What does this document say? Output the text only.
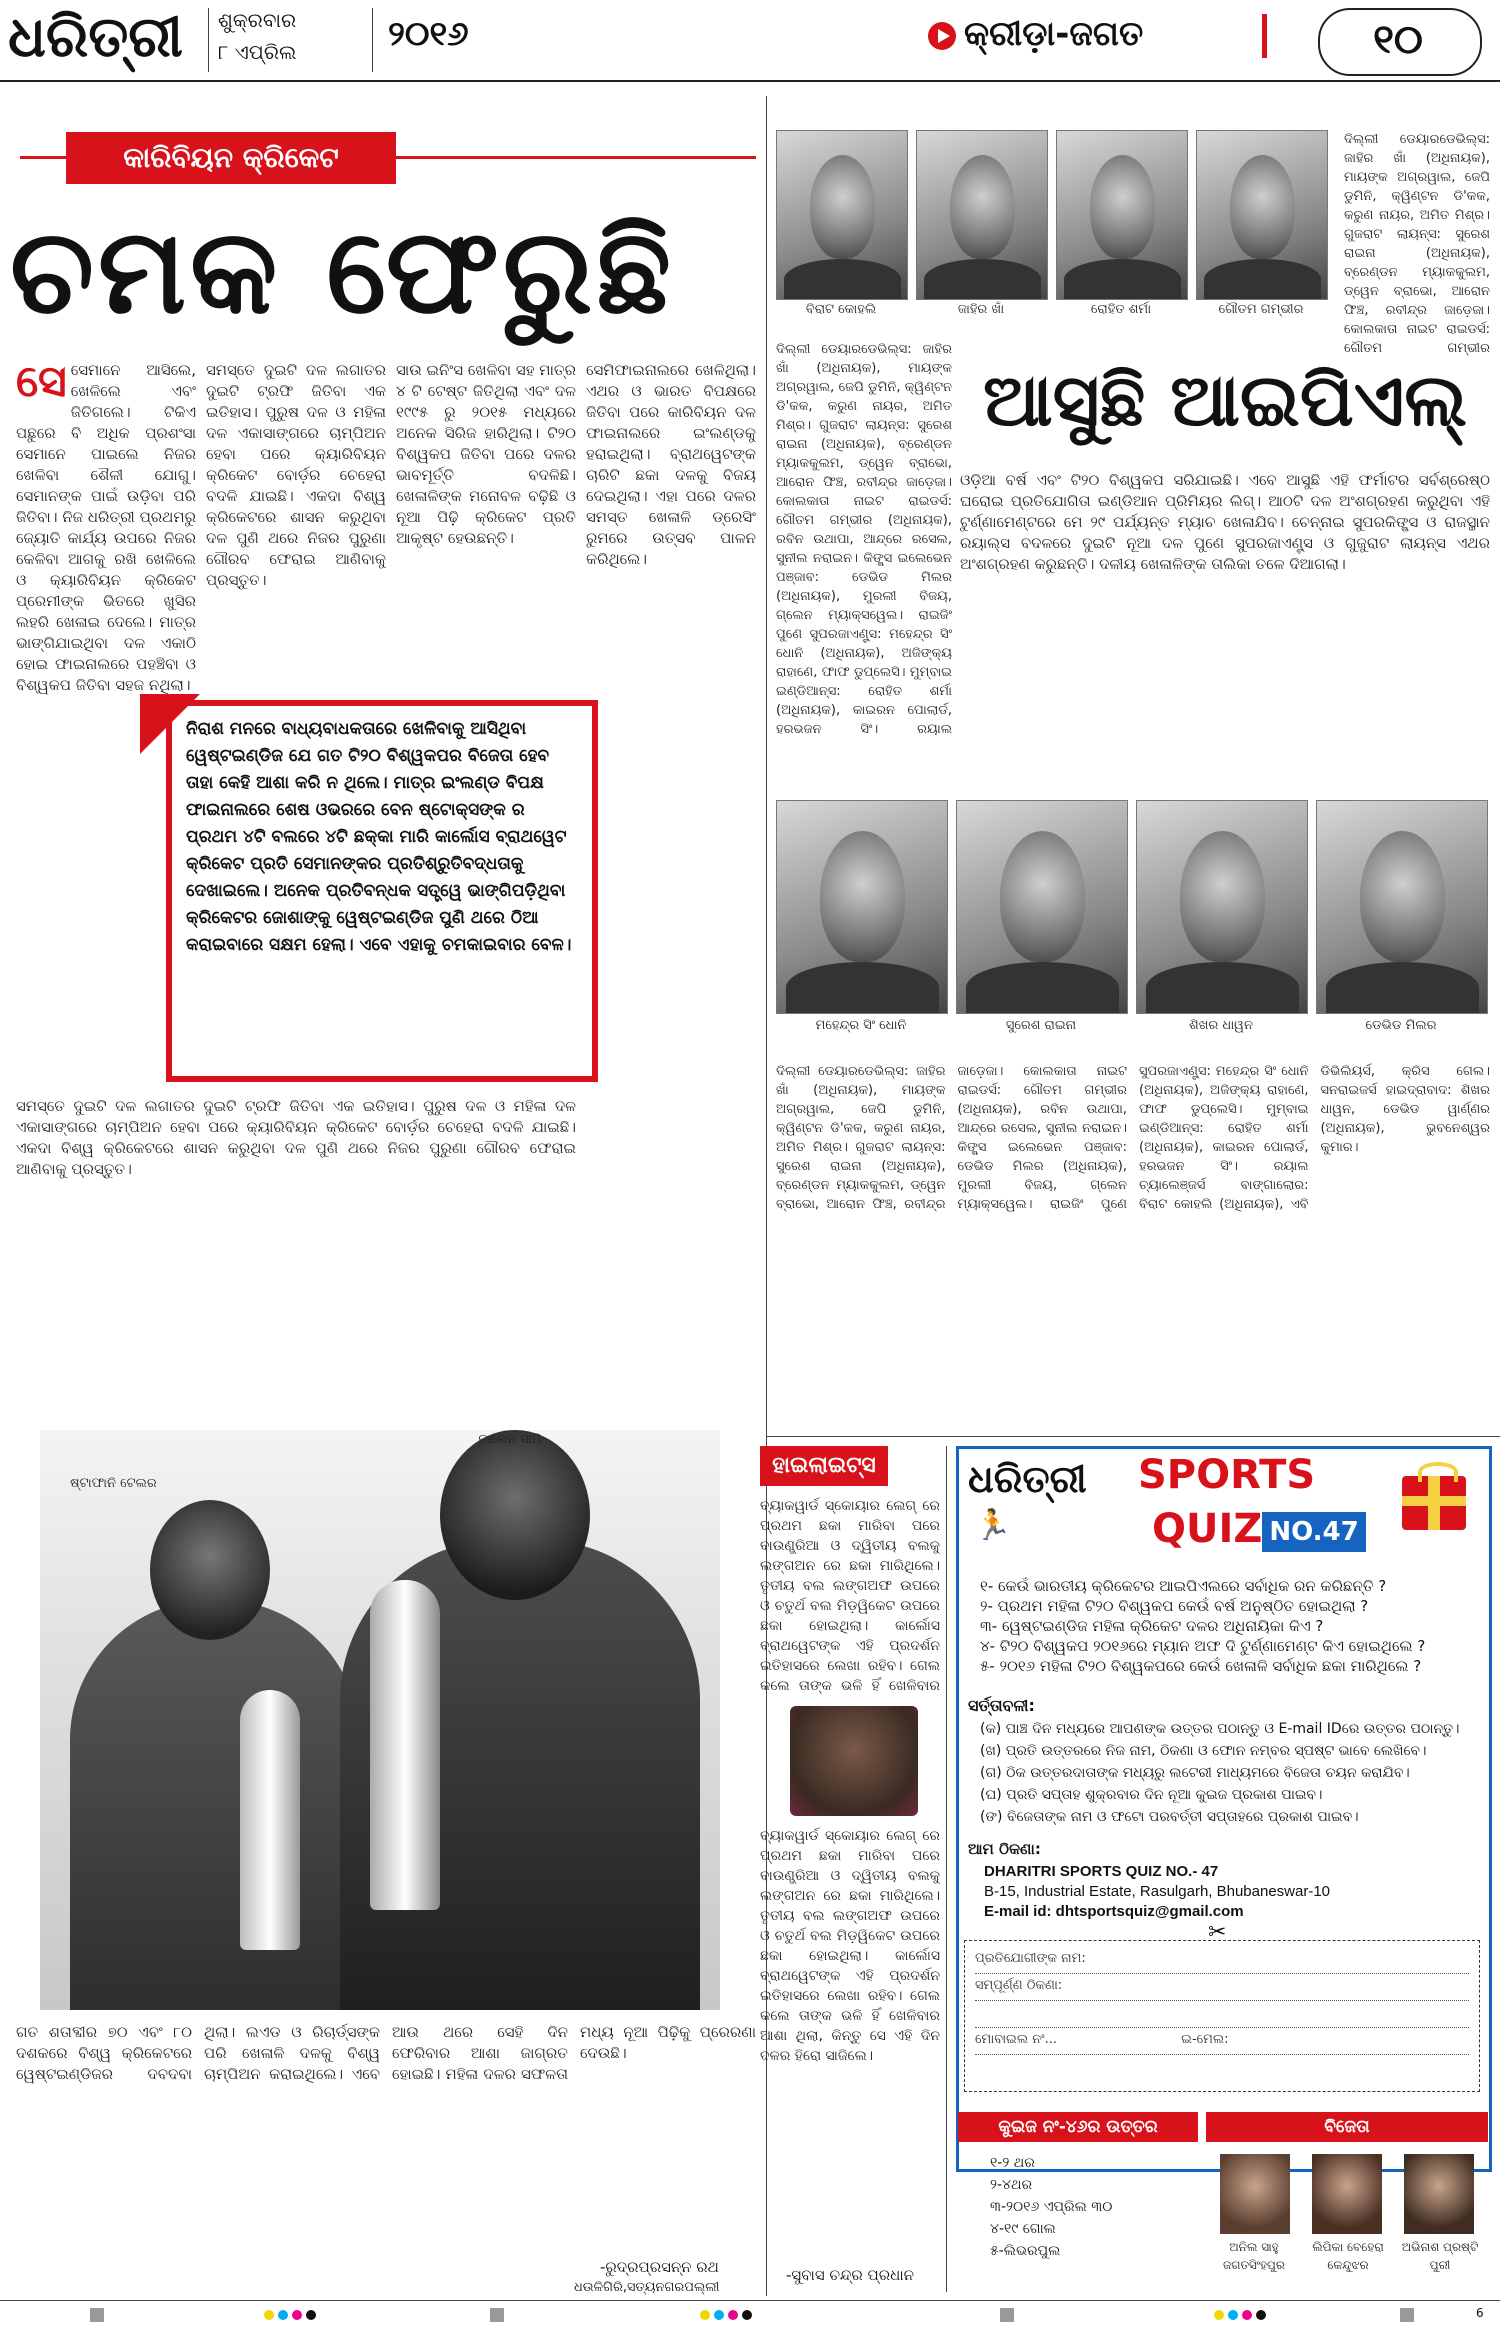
ଧରିତ୍ରୀ ଶୁକ୍ରବାର
୮ ଏପ୍ରିଲ	୨୦୧୬	କ୍ରୀଡ଼ା-ଜଗତ	୧୦
କାରିବିୟନ କ୍ରିକେଟ
ଚମକ ଫେରୁଛି
ସେ ସେମାନେ ଆସିଲେ, ଖେଳିଲେ ଏବଂ ଜିତିଗଲେ। ଟିକିଏ ପଛୁରେ ବି ଅଧିକ ପ୍ରଶଂସା ସେମାନେ ପାଇଲେ ନିଜର ଖେଳିବା ଶୈଳୀ ଯୋଗୁ। ସେମାନଙ୍କ ପାଇଁ ଉଡ଼ିବା ପରି ଜିତିବା। ନିଜ ଧରିତ୍ରୀ ପ୍ରଥମରୁ ଜ୍ୟୋତି କାର୍ଯ୍ୟ ଉପରେ ନିଜର କେଳିବା ଆଗକୁ ରଖି ଖେଳିଲେ ଓ କ୍ୟାରିବିୟନ କ୍ରିକେଟ ପ୍ରେମୀଙ୍କ ଭିତରେ ଖୁସିର ଲହରି ଖେଳାଇ ଦେଲେ। ମାତ୍ର ଭାଙ୍ଗିଯାଇଥିବା ଦଳ ଏକାଠି ହୋଇ ଫାଇନାଲରେ ପହଞ୍ଚିବା ଓ ବିଶ୍ୱକପ ଜିତିବା ସହଜ ନଥିଲା।
ସମସ୍ତେ ଦୁଇଟି ଦଳ ଲଗାତର ଦୁଇଟି ଟ୍ରଫି ଜିତିବା ଏକ ଇତିହାସ। ପୁରୁଷ ଦଳ ଓ ମହିଳା ଦଳ ଏକାସାଙ୍ଗରେ ଚାମ୍ପିଅନ ହେବା ପରେ କ୍ୟାରିବିୟନ କ୍ରିକେଟ ବୋର୍ଡ଼ର ଚେହେରା ବଦଳି ଯାଇଛି। ଏକଦା ବିଶ୍ୱ କ୍ରିକେଟରେ ଶାସନ କରୁଥିବା ଦଳ ପୁଣି ଥରେ ନିଜର ପୁରୁଣା ଗୌରବ ଫେରାଇ ଆଣିବାକୁ ପ୍ରସ୍ତୁତ।
ସାଉ ଇନିଂସ ଖେଳିବା ସହ ମାତ୍ର ୪ ଟି ଟେଷ୍ଟ ଜିତିଥିଲା ଏବଂ ଦଳ ୧୯୯୫ ରୁ ୨୦୧୫ ମଧ୍ୟରେ ଅନେକ ସିରିଜ ହାରିଥିଲା। ଟି୨୦ ବିଶ୍ୱକପ ଜିତିବା ପରେ ଦଳର ଭାବମୂର୍ତ୍ତି ବଦଳିଛି। ଖେଳାଳିଙ୍କ ମନୋବଳ ବଢ଼ିଛି ଓ ନୂଆ ପିଢ଼ି କ୍ରିକେଟ ପ୍ରତି ଆକୃଷ୍ଟ ହେଉଛନ୍ତି।
ସେମିଫାଇନାଲରେ ଖେଳିଥିଲା। ଏଥର ଓ ଭାରତ ବିପକ୍ଷରେ ଜିତିବା ପରେ କାରିବିୟନ ଦଳ ଫାଇନାଲରେ ଇଂଲଣ୍ଡକୁ ହରାଇଥିଲା। ବ୍ରାଥୱେଟଙ୍କ ଚାରିଟି ଛକା ଦଳକୁ ବିଜୟ ଦେଇଥିଲା। ଏହା ପରେ ଦଳର ସମସ୍ତ ଖେଳାଳି ଡ୍ରେସିଂ ରୁମରେ ଉତ୍ସବ ପାଳନ କରିଥିଲେ।
ନିରାଶ ମନରେ ବାଧ୍ୟବାଧକତାରେ ଖେଳିବାକୁ ଆସିଥିବା ୱେଷ୍ଟଇଣ୍ଡିଜ ଯେ ଗତ ଟି୨୦ ବିଶ୍ୱକପର ବିଜେତା ହେବ ତାହା କେହି ଆଶା କରି ନ ଥିଲେ। ମାତ୍ର ଇଂଲଣ୍ଡ ବିପକ୍ଷ ଫାଇନାଲରେ ଶେଷ ଓଭରରେ ବେନ ଷ୍ଟୋକ୍ସଙ୍କ ର ପ୍ରଥମ ୪ଟି ବଲରେ ୪ଟି ଛକ୍କା ମାରି କାର୍ଲୋସ ବ୍ରାଥୱେଟ କ୍ରିକେଟ ପ୍ରତି ସେମାନଙ୍କର ପ୍ରତିଶ୍ରୁତିବଦ୍ଧତାକୁ ଦେଖାଇଲେ। ଅନେକ ପ୍ରତିବନ୍ଧକ ସତ୍ତ୍ୱେ ଭାଙ୍ଗିପଡ଼ିଥିବା କ୍ରିକେଟର ଜୋଶାଙ୍କୁ ୱେଷ୍ଟଇଣ୍ଡିଜ ପୁଣି ଥରେ ଠିଆ କରାଇବାରେ ସକ୍ଷମ ହେଲା। ଏବେ ଏହାକୁ ଚମକାଇବାର ବେଳ।
ସମସ୍ତେ ଦୁଇଟି ଦଳ ଲଗାତର ଦୁଇଟି ଟ୍ରଫି ଜିତିବା ଏକ ଇତିହାସ। ପୁରୁଷ ଦଳ ଓ ମହିଳା ଦଳ ଏକାସାଙ୍ଗରେ ଚାମ୍ପିଅନ ହେବା ପରେ କ୍ୟାରିବିୟନ କ୍ରିକେଟ ବୋର୍ଡ଼ର ଚେହେରା ବଦଳି ଯାଇଛି। ଏକଦା ବିଶ୍ୱ କ୍ରିକେଟରେ ଶାସନ କରୁଥିବା ଦଳ ପୁଣି ଥରେ ନିଜର ପୁରୁଣା ଗୌରବ ଫେରାଇ ଆଣିବାକୁ ପ୍ରସ୍ତୁତ।
ଷ୍ଟାଫାନି ଟେଲର
ଡାରେନ ସାମି
ଗତ ଶତାବ୍ଦୀର ୭୦ ଏବଂ ୮୦ ଦଶକରେ ବିଶ୍ୱ କ୍ରିକେଟରେ ୱେଷ୍ଟଇଣ୍ଡିଜର ଦବଦବା ଥିଲା। ଲଏଡ ଓ ରିଚାର୍ଡ୍ସଙ୍କ ପରି ଖେଳାଳି ଦଳକୁ ବିଶ୍ୱ ଚାମ୍ପିଅନ କରାଇଥିଲେ। ଏବେ ଆଉ ଥରେ ସେହି ଦିନ ଫେରିବାର ଆଶା ଜାଗ୍ରତ ହୋଇଛି। ମହିଳା ଦଳର ସଫଳତା ମଧ୍ୟ ନୂଆ ପିଢ଼ିକୁ ପ୍ରେରଣା ଦେଉଛି।
-ରୁଦ୍ରପ୍ରସନ୍ନ ରଥ
ଧଉଳିଗିରି,ସତ୍ୟନଗରପଲ୍ଲୀ
ବିରାଟ କୋହଲି	ଜାହିର ଖାଁ	ରୋହିତ ଶର୍ମା	ଗୌତମ ଗମ୍ଭୀର
ଦିଲ୍ଲୀ ଡେୟାରଡେଭିଲ୍ସ: ଜାହିର ଖାଁ (ଅଧିନାୟକ), ମାୟଙ୍କ ଅଗ୍ରୱାଲ, ଜେପି ଡୁମିନି, କ୍ୱିଣ୍ଟନ ଡି'କକ, କରୁଣ ନାୟର, ଅମିତ ମିଶ୍ର। ଗୁଜରାଟ ଲାୟନ୍ସ: ସୁରେଶ ରାଇନା (ଅଧିନାୟକ), ବ୍ରେଣ୍ଡନ ମ୍ୟାକକୁଲମ, ଡ୍ୱେନ ବ୍ରାଭୋ, ଆରୋନ ଫିଞ୍ଚ, ରବୀନ୍ଦ୍ର ଜାଡ଼େଜା। କୋଲକାତା ନାଇଟ ରାଇଡର୍ସ: ଗୌତମ ଗମ୍ଭୀର
ଦିଲ୍ଲୀ ଡେୟାରଡେଭିଲ୍ସ: ଜାହିର ଖାଁ (ଅଧିନାୟକ), ମାୟଙ୍କ ଅଗ୍ରୱାଲ, ଜେପି ଡୁମିନି, କ୍ୱିଣ୍ଟନ ଡି'କକ, କରୁଣ ନାୟର, ଅମିତ ମିଶ୍ର। ଗୁଜରାଟ ଲାୟନ୍ସ: ସୁରେଶ ରାଇନା (ଅଧିନାୟକ), ବ୍ରେଣ୍ଡନ ମ୍ୟାକକୁଲମ, ଡ୍ୱେନ ବ୍ରାଭୋ, ଆରୋନ ଫିଞ୍ଚ, ରବୀନ୍ଦ୍ର ଜାଡ଼େଜା। କୋଲକାତା ନାଇଟ ରାଇଡର୍ସ: ଗୌତମ ଗମ୍ଭୀର (ଅଧିନାୟକ), ରବିନ ଉଥାପା, ଆନ୍ଦ୍ରେ ରସେଲ, ସୁନୀଲ ନରାଇନ। କିଙ୍ଗ୍ସ ଇଲେଭେନ ପଞ୍ଜାବ: ଡେଭିଡ ମିଲର (ଅଧିନାୟକ), ମୁରଲୀ ବିଜୟ, ଗ୍ଲେନ ମ୍ୟାକ୍ସୱେଲ। ରାଇଜିଂ ପୁଣେ ସୁପରଜାଏଣ୍ଟ୍ସ: ମହେନ୍ଦ୍ର ସିଂ ଧୋନି (ଅଧିନାୟକ), ଅଜିଙ୍କ୍ୟ ରାହାଣେ, ଫାଫ ଡୁପ୍ଲେସି। ମୁମ୍ବାଇ ଇଣ୍ଡିଆନ୍ସ: ରୋହିତ ଶର୍ମା (ଅଧିନାୟକ), କାଇରନ ପୋଲାର୍ଡ, ହରଭଜନ ସିଂ। ରୟାଲ
ଆସୁଛି ଆଇପିଏଲ୍
ଓଡ଼ିଆ ବର୍ଷ ଏବଂ ଟି୨୦ ବିଶ୍ୱକପ ସରିଯାଇଛି। ଏବେ ଆସୁଛି ଏହି ଫର୍ମାଟର ସର୍ବଶ୍ରେଷ୍ଠ ଘରୋଇ ପ୍ରତିଯୋଗିତା ଇଣ୍ଡିଆନ ପ୍ରିମିୟର ଲିଗ୍। ଆଠଟି ଦଳ ଅଂଶଗ୍ରହଣ କରୁଥିବା ଏହି ଟୁର୍ଣ୍ଣାମେଣ୍ଟରେ ମେ ୨୯ ପର୍ଯ୍ୟନ୍ତ ମ୍ୟାଚ ଖେଳାଯିବ। ଚେନ୍ନାଇ ସୁପରକିଙ୍ଗ୍ସ ଓ ରାଜସ୍ଥାନ ରୟାଲ୍ସ ବଦଳରେ ଦୁଇଟି ନୂଆ ଦଳ ପୁଣେ ସୁପରଜାଏଣ୍ଟ୍ସ ଓ ଗୁଜୁରାଟ ଲାୟନ୍ସ ଏଥର ଅଂଶଗ୍ରହଣ କରୁଛନ୍ତି। ଦଳୀୟ ଖେଳାଳିଙ୍କ ତାଲିକା ତଳେ ଦିଆଗଲା।
ମହେନ୍ଦ୍ର ସିଂ ଧୋନି	ସୁରେଶ ରାଇନା	ଶିଖର ଧାୱନ	ଡେଭିଡ ମିଲର
ଦିଲ୍ଲୀ ଡେୟାରଡେଭିଲ୍ସ: ଜାହିର ଖାଁ (ଅଧିନାୟକ), ମାୟଙ୍କ ଅଗ୍ରୱାଲ, ଜେପି ଡୁମିନି, କ୍ୱିଣ୍ଟନ ଡି'କକ, କରୁଣ ନାୟର, ଅମିତ ମିଶ୍ର। ଗୁଜରାଟ ଲାୟନ୍ସ: ସୁରେଶ ରାଇନା (ଅଧିନାୟକ), ବ୍ରେଣ୍ଡନ ମ୍ୟାକକୁଲମ, ଡ୍ୱେନ ବ୍ରାଭୋ, ଆରୋନ ଫିଞ୍ଚ, ରବୀନ୍ଦ୍ର ଜାଡ଼େଜା। କୋଲକାତା ନାଇଟ ରାଇଡର୍ସ: ଗୌତମ ଗମ୍ଭୀର (ଅଧିନାୟକ), ରବିନ ଉଥାପା, ଆନ୍ଦ୍ରେ ରସେଲ, ସୁନୀଲ ନରାଇନ। କିଙ୍ଗ୍ସ ଇଲେଭେନ ପଞ୍ଜାବ: ଡେଭିଡ ମିଲର (ଅଧିନାୟକ), ମୁରଲୀ ବିଜୟ, ଗ୍ଲେନ ମ୍ୟାକ୍ସୱେଲ। ରାଇଜିଂ ପୁଣେ ସୁପରଜାଏଣ୍ଟ୍ସ: ମହେନ୍ଦ୍ର ସିଂ ଧୋନି (ଅଧିନାୟକ), ଅଜିଙ୍କ୍ୟ ରାହାଣେ, ଫାଫ ଡୁପ୍ଲେସି। ମୁମ୍ବାଇ ଇଣ୍ଡିଆନ୍ସ: ରୋହିତ ଶର୍ମା (ଅଧିନାୟକ), କାଇରନ ପୋଲାର୍ଡ, ହରଭଜନ ସିଂ। ରୟାଲ ଚ୍ୟାଲେଞ୍ଜର୍ସ ବାଙ୍ଗାଲୋର: ବିରାଟ କୋହଲି (ଅଧିନାୟକ), ଏବି ଡିଭିଲିୟର୍ସ, କ୍ରିସ ଗେଲ। ସନରାଇଜର୍ସ ହାଇଦ୍ରାବାଦ: ଶିଖର ଧାୱନ, ଡେଭିଡ ୱାର୍ଣ୍ଣର (ଅଧିନାୟକ), ଭୁବନେଶ୍ୱର କୁମାର।
ହାଇଲାଇଟ୍ସ
ବ୍ୟାକୱାର୍ଡ ସ୍କୋୟାର ଲେଗ୍ ରେ ପ୍ରଥମ ଛକା ମାରିବା ପରେ ବାଉଣ୍ଡ୍ରିଆ ଓ ଦ୍ୱିତୀୟ ବଲକୁ ଲଙ୍ଗଅନ ରେ ଛକା ମାରିଥିଲେ। ତୃତୀୟ ବଲ ଲଙ୍ଗଅଫ ଉପରେ ଓ ଚତୁର୍ଥ ବଲ ମିଡ଼ୱିକେଟ ଉପରେ ଛକା ହୋଇଥିଲା। କାର୍ଲୋସ ବ୍ରାଥୱେଟଙ୍କ ଏହି ପ୍ରଦର୍ଶନ ଇତିହାସରେ ଲେଖା ରହିବ। ଗେଲ କଲେ ତାଙ୍କ ଭଳି ହିଁ ଖେଳିବାର
ବ୍ୟାକୱାର୍ଡ ସ୍କୋୟାର ଲେଗ୍ ରେ ପ୍ରଥମ ଛକା ମାରିବା ପରେ ବାଉଣ୍ଡ୍ରିଆ ଓ ଦ୍ୱିତୀୟ ବଲକୁ ଲଙ୍ଗଅନ ରେ ଛକା ମାରିଥିଲେ। ତୃତୀୟ ବଲ ଲଙ୍ଗଅଫ ଉପରେ ଓ ଚତୁର୍ଥ ବଲ ମିଡ଼ୱିକେଟ ଉପରେ ଛକା ହୋଇଥିଲା। କାର୍ଲୋସ ବ୍ରାଥୱେଟଙ୍କ ଏହି ପ୍ରଦର୍ଶନ ଇତିହାସରେ ଲେଖା ରହିବ। ଗେଲ କଲେ ତାଙ୍କ ଭଳି ହିଁ ଖେଳିବାର ଆଶା ଥିଲା, କିନ୍ତୁ ସେ ଏହି ଦିନ ଦଳର ହିରୋ ସାଜିଲେ।
-ସୁବାସ ଚନ୍ଦ୍ର ପ୍ରଧାନ
ଧରିତ୍ରୀ
🏃
SPORTS
QUIZ NO.47
୧- କେଉଁ ଭାରତୀୟ କ୍ରିକେଟର ଆଇପିଏଲରେ ସର୍ବାଧିକ ରନ କରିଛନ୍ତି ?
୨- ପ୍ରଥମ ମହିଳା ଟି୨୦ ବିଶ୍ୱକପ କେଉଁ ବର୍ଷ ଅନୁଷ୍ଠିତ ହୋଇଥିଲା ?
୩- ୱେଷ୍ଟଇଣ୍ଡିଜ ମହିଳା କ୍ରିକେଟ ଦଳର ଅଧିନାୟିକା କିଏ ?
୪- ଟି୨୦ ବିଶ୍ୱକପ ୨୦୧୬ରେ ମ୍ୟାନ ଅଫ ଦି ଟୁର୍ଣ୍ଣାମେଣ୍ଟ କିଏ ହୋଇଥିଲେ ?
୫- ୨୦୧୬ ମହିଳା ଟି୨୦ ବିଶ୍ୱକପରେ କେଉଁ ଖେଳାଳି ସର୍ବାଧିକ ଛକା ମାରିଥିଲେ ?
ସର୍ତ୍ତାବଳୀ:
(କ) ପାଞ୍ଚ ଦିନ ମଧ୍ୟରେ ଆପଣଙ୍କ ଉତ୍ତର ପଠାନ୍ତୁ ଓ E-mail IDରେ ଉତ୍ତର ପଠାନ୍ତୁ।
(ଖ) ପ୍ରତି ଉତ୍ତରରେ ନିଜ ନାମ, ଠିକଣା ଓ ଫୋନ ନମ୍ବର ସ୍ପଷ୍ଟ ଭାବେ ଲେଖିବେ।
(ଗ) ଠିକ ଉତ୍ତରଦାତାଙ୍କ ମଧ୍ୟରୁ ଲଟେରୀ ମାଧ୍ୟମରେ ବିଜେତା ଚୟନ କରାଯିବ।
(ଘ) ପ୍ରତି ସପ୍ତାହ ଶୁକ୍ରବାର ଦିନ ନୂଆ କୁଇଜ ପ୍ରକାଶ ପାଇବ।
(ଙ) ବିଜେତାଙ୍କ ନାମ ଓ ଫଟୋ ପରବର୍ତ୍ତୀ ସପ୍ତାହରେ ପ୍ରକାଶ ପାଇବ।
ଆମ ଠିକଣା:
DHARITRI SPORTS QUIZ NO.- 47
B-15, Industrial Estate, Rasulgarh, Bhubaneswar-10
E-mail id: dhtsportsquiz@gmail.com
✂
ପ୍ରତିଯୋଗୀଙ୍କ ନାମ:
ସମ୍ପୂର୍ଣ୍ଣ ଠିକଣା:
ମୋବାଇଲ ନଂ...	ଇ-ମେଲ:
କୁଇଜ ନଂ-୪୬ର ଉତ୍ତର
୧-୨ ଥର
୨-୪ଥର
୩-୨୦୧୬ ଏପ୍ରିଲ ୩୦
୪-୧୯ ଗୋଲ
୫-ଲିଭରପୁଲ
ବିଜେତା
ଅନିଲ ସାହୁ
ଜଗତସିଂହପୁର
ଲିପିକା ବେହେରା
କେନ୍ଦୁଝର
ଅଭିନାଶ ପ୍ରଷ୍ଟି
ପୁରୀ
6
